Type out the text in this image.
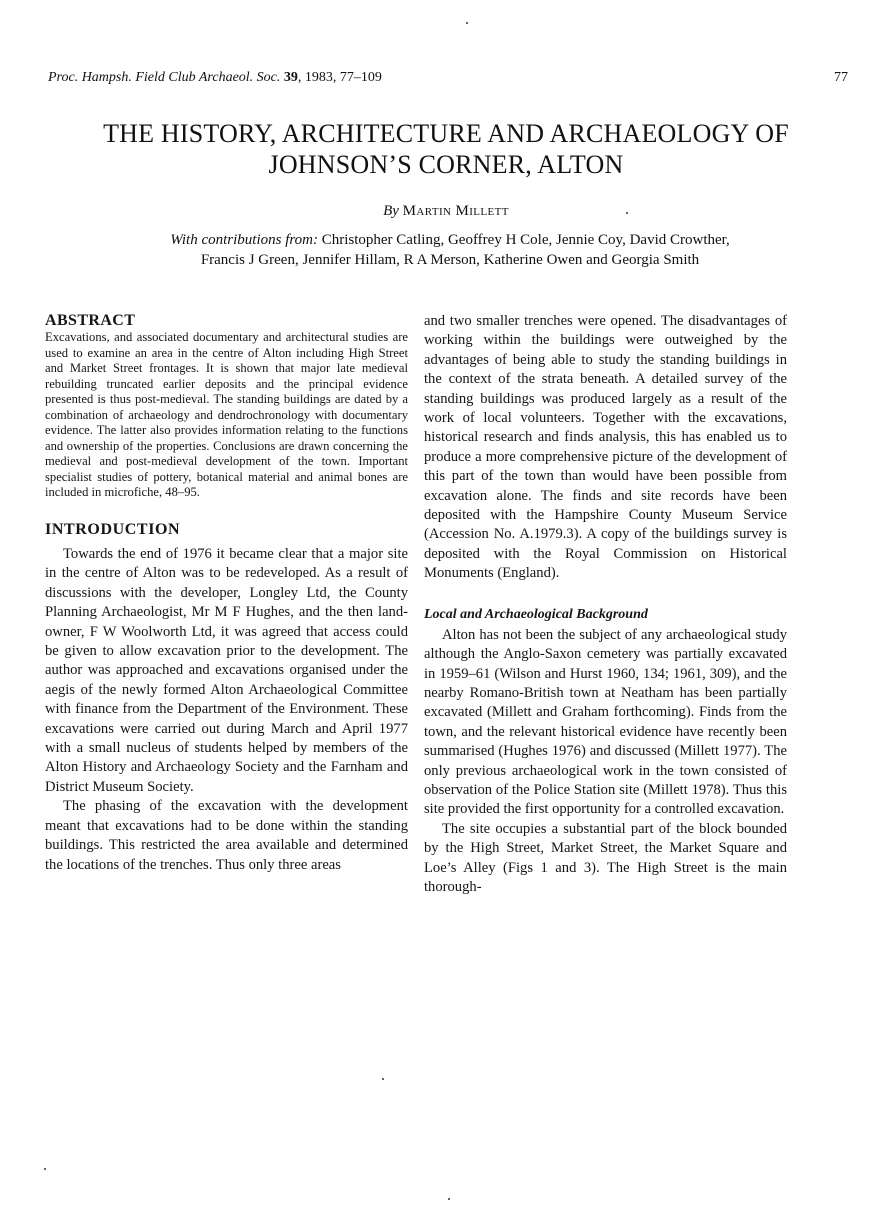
Proc. Hampsh. Field Club Archaeol. Soc. 39, 1983, 77–109	77
THE HISTORY, ARCHITECTURE AND ARCHAEOLOGY OF
JOHNSON’S CORNER, ALTON
By Martin Millett
With contributions from: Christopher Catling, Geoffrey H Cole, Jennie Coy, David Crowther,
Francis J Green, Jennifer Hillam, R A Merson, Katherine Owen and Georgia Smith
ABSTRACT

Excavations, and associated documentary and architectural studies are used to examine an area in the centre of Alton including High Street and Market Street frontages. It is shown that major late medieval rebuilding truncated earlier deposits and the principal evidence presented is thus post-medieval. The standing buildings are dated by a combination of archaeology and dendrochronology with documentary evidence. The latter also provides information relating to the functions and ownership of the properties. Conclusions are drawn concerning the medieval and post-medieval development of the town. Important specialist studies of pottery, botanical material and animal bones are included in microfiche, 48–95.

INTRODUCTION

Towards the end of 1976 it became clear that a major site in the centre of Alton was to be redeveloped. As a result of discussions with the developer, Longley Ltd, the County Planning Archaeologist, Mr M F Hughes, and the then land-owner, F W Woolworth Ltd, it was agreed that access could be given to allow excavation prior to the development. The author was approached and excavations organised under the aegis of the newly formed Alton Archaeological Committee with finance from the Department of the Environment. These excavations were carried out during March and April 1977 with a small nucleus of students helped by members of the Alton History and Archaeology Society and the Farnham and District Museum Society.

The phasing of the excavation with the development meant that excavations had to be done within the standing buildings. This restricted the area available and determined the locations of the trenches. Thus only three areas

and two smaller trenches were opened. The disadvantages of working within the buildings were outweighed by the advantages of being able to study the standing buildings in the context of the strata beneath. A detailed survey of the standing buildings was produced largely as a result of the work of local volunteers. Together with the excavations, historical research and finds analysis, this has enabled us to produce a more comprehensive picture of the development of this part of the town than would have been possible from excavation alone. The finds and site records have been deposited with the Hampshire County Museum Service (Accession No. A.1979.3). A copy of the buildings survey is deposited with the Royal Commission on Historical Monuments (England).

Local and Archaeological Background

Alton has not been the subject of any archaeological study although the Anglo-Saxon cemetery was partially excavated in 1959–61 (Wilson and Hurst 1960, 134; 1961, 309), and the nearby Romano-British town at Neatham has been partially excavated (Millett and Graham forthcoming). Finds from the town, and the relevant historical evidence have recently been summarised (Hughes 1976) and discussed (Millett 1977). The only previous archaeological work in the town consisted of observation of the Police Station site (Millett 1978). Thus this site provided the first opportunity for a controlled excavation.

The site occupies a substantial part of the block bounded by the High Street, Market Street, the Market Square and Loe’s Alley (Figs 1 and 3). The High Street is the main thorough-
